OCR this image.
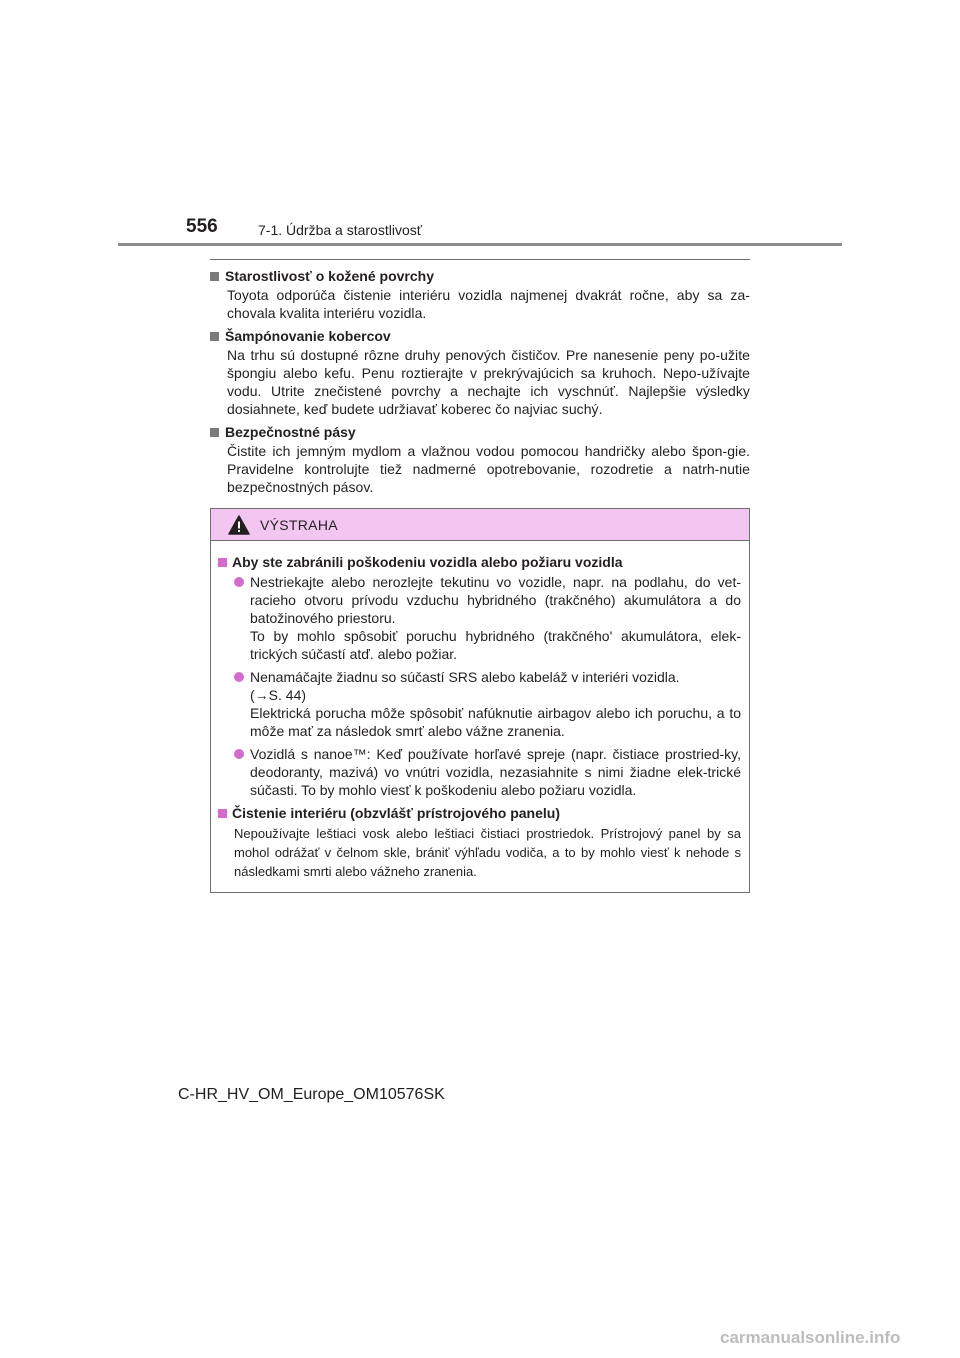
556	7-1. Údržba a starostlivosť
Starostlivosť o kožené povrchy

Toyota odporúča čistenie interiéru vozidla najmenej dvakrát ročne, aby sa za-chovala kvalita interiéru vozidla.

Šampónovanie kobercov

Na trhu sú dostupné rôzne druhy penových čističov. Pre nanesenie peny po-užite špongiu alebo kefu. Penu roztierajte v prekrývajúcich sa kruhoch. Nepo-užívajte vodu. Utrite znečistené povrchy a nechajte ich vyschnúť. Najlepšie výsledky dosiahnete, keď budete udržiavať koberec čo najviac suchý.

Bezpečnostné pásy

Čistite ich jemným mydlom a vlažnou vodou pomocou handričky alebo špon-gie. Pravidelne kontrolujte tiež nadmerné opotrebovanie, rozodretie a natrh-nutie bezpečnostných pásov.

VÝSTRAHA
Aby ste zabránili poškodeniu vozidla alebo požiaru vozidla
Nestriekajte alebo nerozlejte tekutinu vo vozidle, napr. na podlahu, do vet-racieho otvoru prívodu vzduchu hybridného (trakčného) akumulátora a do batožinového priestoru.
To by mohlo spôsobiť poruchu hybridného (trakčného' akumulátora, elek-trických súčastí atď. alebo požiar.
Nenamáčajte žiadnu so súčastí SRS alebo kabeláž v interiéri vozidla.
(→S. 44)
Elektrická porucha môže spôsobiť nafúknutie airbagov alebo ich poruchu, a to môže mať za následok smrť alebo vážne zranenia.
Vozidlá s nanoe™: Keď používate horľavé spreje (napr. čistiace prostried-ky, deodoranty, mazivá) vo vnútri vozidla, nezasiahnite s nimi žiadne elek-trické súčasti. To by mohlo viesť k poškodeniu alebo požiaru vozidla.
Čistenie interiéru (obzvlášť prístrojového panelu)

Nepoužívajte leštiaci vosk alebo leštiaci čistiaci prostriedok. Prístrojový panel by sa mohol odrážať v čelnom skle, brániť výhľadu vodiča, a to by mohlo viesť k nehode s následkami smrti alebo vážneho zranenia.

C-HR_HV_OM_Europe_OM10576SK
carmanualsonline.info
